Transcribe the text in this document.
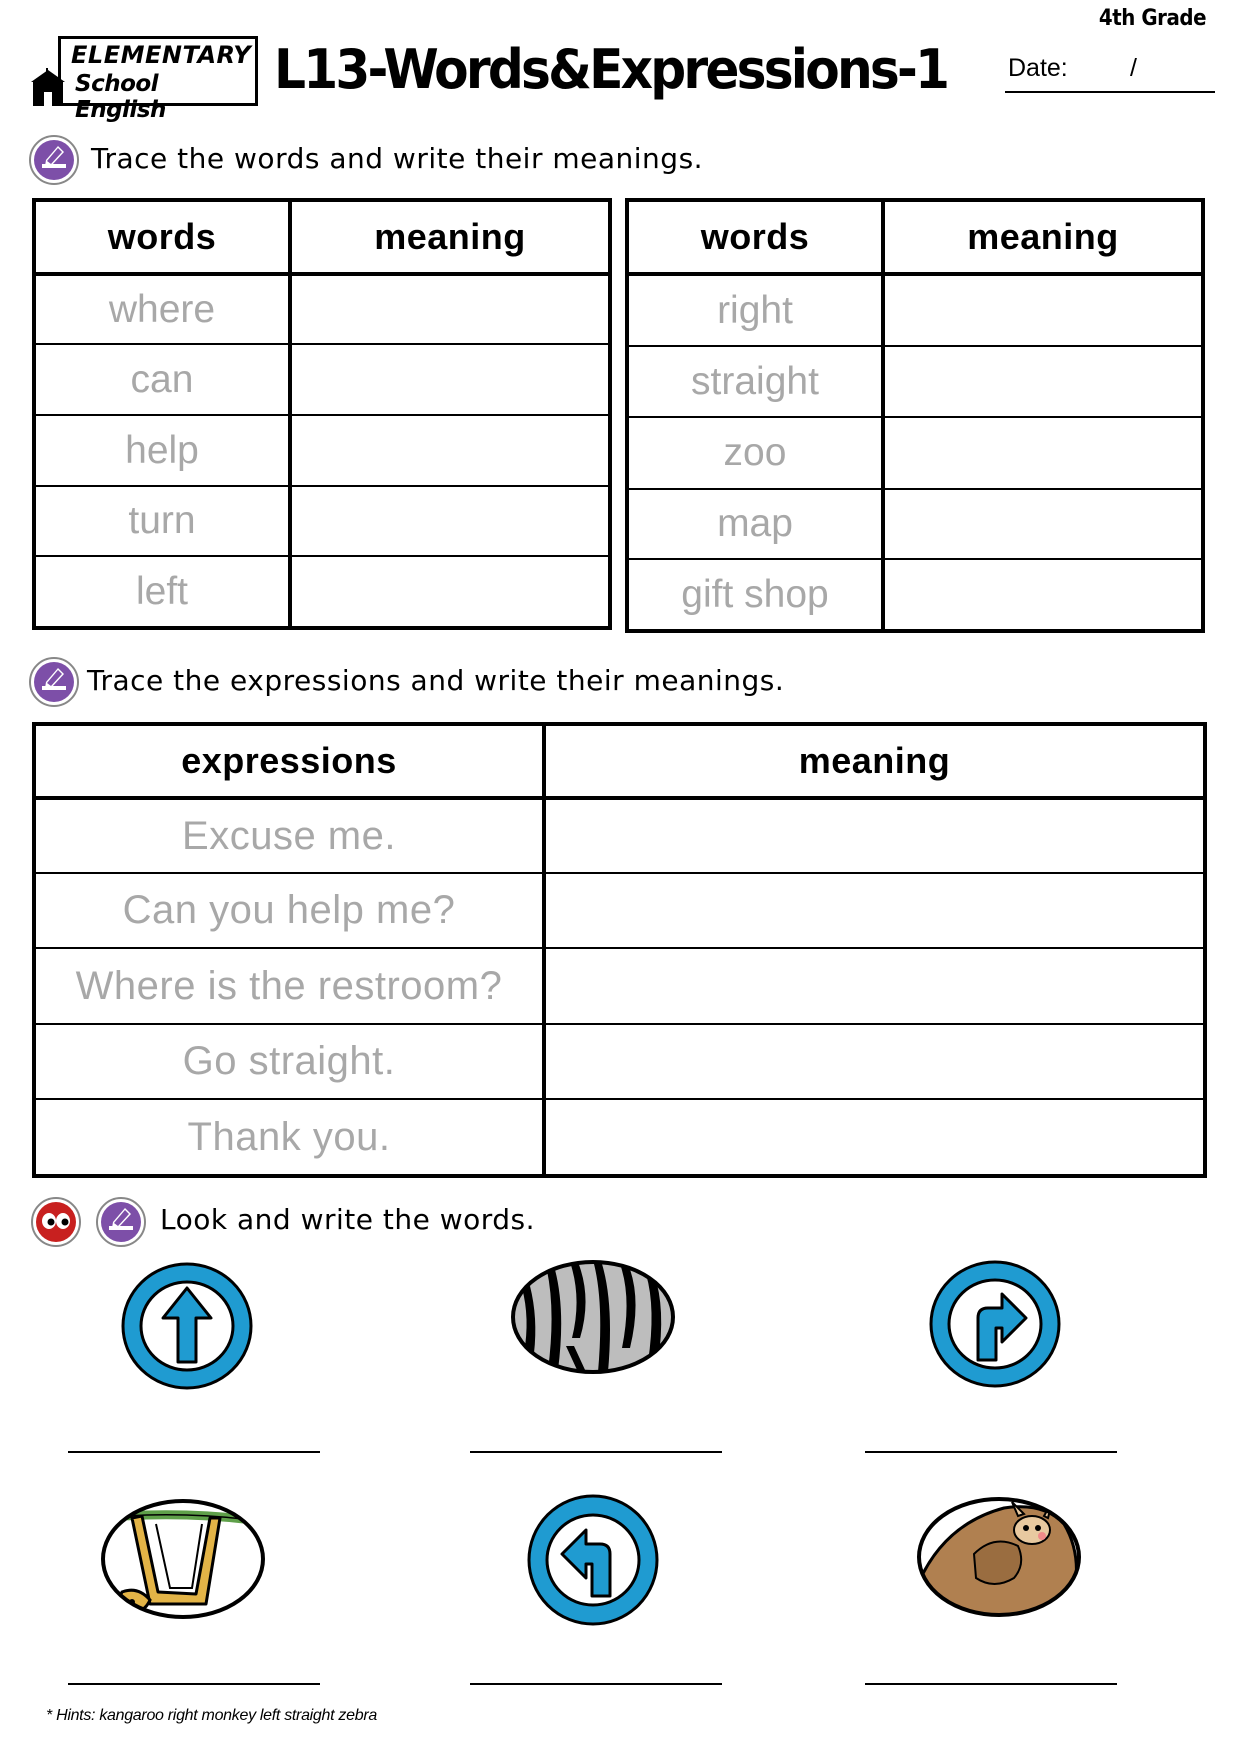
4th Grade
ELEMENTARY
School English
L13-Words&Expressions-1 Date: /
Trace the words and write their meanings.
words	meaning
where	
can	
help	
turn	
left	
words	meaning
right	
straight	
zoo	
map	
gift shop	
Trace the expressions and write their meanings.
expressions	meaning
Excuse me.	
Can you help me?	
Where is the restroom?	
Go straight.	
Thank you.	
Look and write the words.
* Hints: kangaroo right monkey left straight zebra
